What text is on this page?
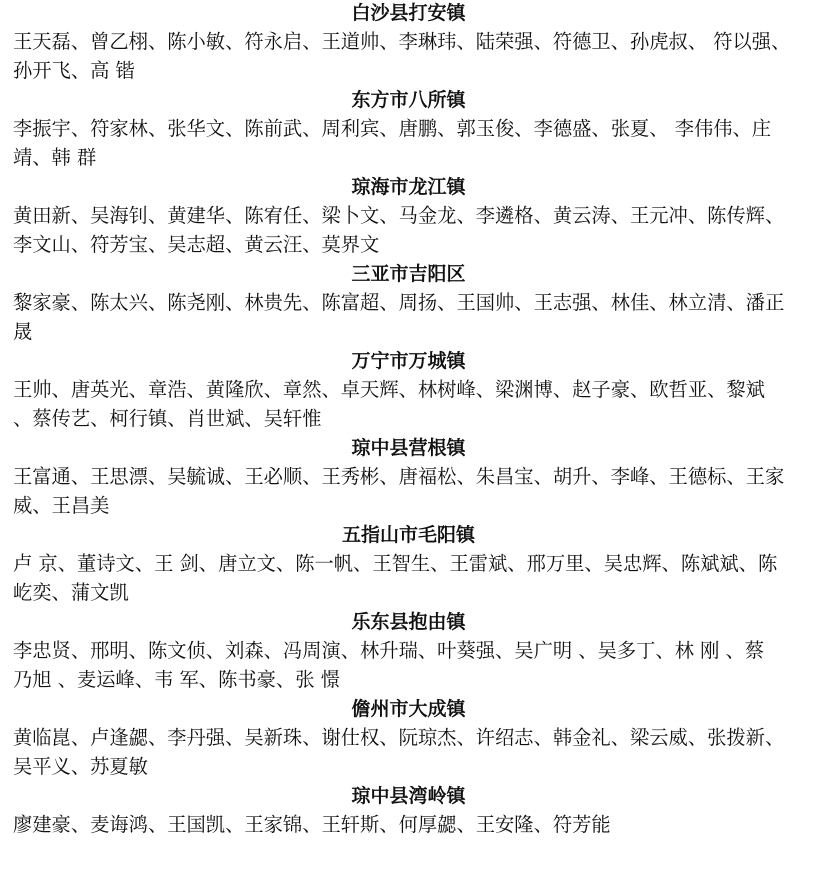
白沙县打安镇
王天磊、曾乙栩、陈小敏、符永启、王道帅、李琳玮、陆荣强、符德卫、孙虎叔、 符以强、
孙开飞、高 锴
东方市八所镇
李振宇、符家林、张华文、陈前武、周利宾、唐鹏、郭玉俊、李德盛、张夏、 李伟伟、庄
靖、韩 群
琼海市龙江镇
黄田新、吴海钊、黄建华、陈宥任、梁卜文、马金龙、李遴格、黄云涛、王元冲、陈传辉、
李文山、符芳宝、吴志超、黄云汪、莫界文
三亚市吉阳区
黎家豪、陈太兴、陈尧刚、林贵先、陈富超、周扬、王国帅、王志强、林佳、林立清、潘正
晟
万宁市万城镇
王帅、唐英光、章浩、黄隆欣、章然、卓天辉、林树峰、梁渊博、赵子豪、欧哲亚、黎斌
、蔡传艺、柯行镇、肖世斌、吴轩惟
琼中县营根镇
王富通、王思漂、吴毓诚、王必顺、王秀彬、唐福松、朱昌宝、胡升、李峰、王德标、王家
威、王昌美
五指山市毛阳镇
卢 京、董诗文、王 剑、唐立文、陈一帆、王智生、王雷斌、邢万里、吴忠辉、陈斌斌、陈
屹奕、蒲文凯
乐东县抱由镇
李忠贤、邢明、陈文侦、刘森、冯周演、林升瑞、叶葵强、吴广明 、吴多丁、林 刚 、蔡
乃旭 、麦运峰、韦 军、陈书豪、张 憬
儋州市大成镇
黄临崑、卢逢勰、李丹强、吴新珠、谢仕权、阮琼杰、许绍志、韩金礼、梁云威、张拨新、
吴平义、苏夏敏
琼中县湾岭镇
廖建豪、麦诲鸿、王国凯、王家锦、王轩斯、何厚勰、王安隆、符芳能
